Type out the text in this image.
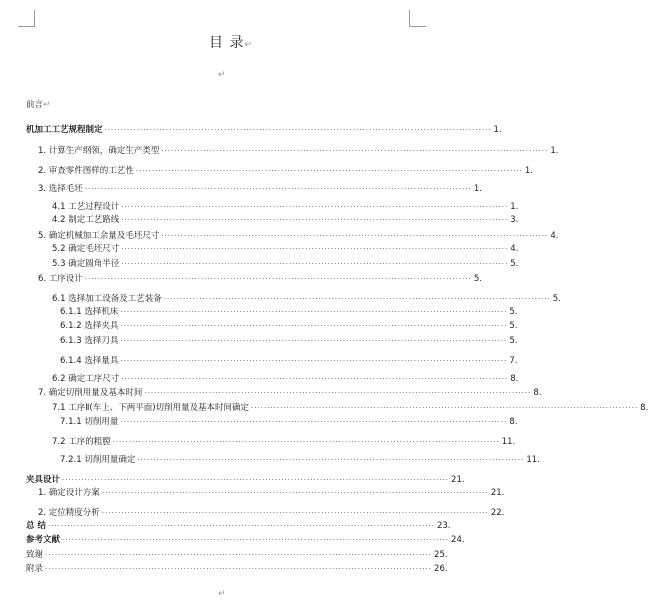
目 录↵
↵
前言 ↵
机加工工艺规程制定 ························································································································ 1.
1. 计算生产纲领，确定生产类型 ························································································································ 1.
2. 审查零件图样的工艺性 ························································································································ 1.
3. 选择毛坯 ························································································································ 1.
4.1 工艺过程设计 ························································································································ 1.
4.2 制定工艺路线 ························································································································ 3.
5. 确定机械加工余量及毛坯尺寸 ························································································································ 4.
5.2 确定毛坯尺寸 ························································································································ 4.
5.3 确定圆角半径 ························································································································ 5.
6. 工序设计 ························································································································ 5.
6.1 选择加工设备及工艺装备 ························································································································ 5.
6.1.1 选择机床 ························································································································ 5.
6.1.2 选择夹具 ························································································································ 5.
6.1.3 选择刀具 ························································································································ 5.
6.1.4 选择量具 ························································································································ 7.
6.2 确定工序尺寸 ························································································································ 8.
7. 确定切削用量及基本时间 ························································································································ 8.
7.1 工序Ⅱ(车上、下两平面)切削用量及基本时间确定 ························································································································ 8.
7.1.1 切削用量 ························································································································ 8.
7.2 工序的粗膛 ························································································································ 11.
7.2.1 切削用量确定 ························································································································ 11.
夹具设计 ························································································································ 21.
1. 确定设计方案 ························································································································ 21.
2. 定位精度分析 ························································································································ 22.
总 结 ························································································································ 23.
参考文献 ························································································································ 24.
致谢 ························································································································ 25.
附录 ························································································································ 26.
↵
